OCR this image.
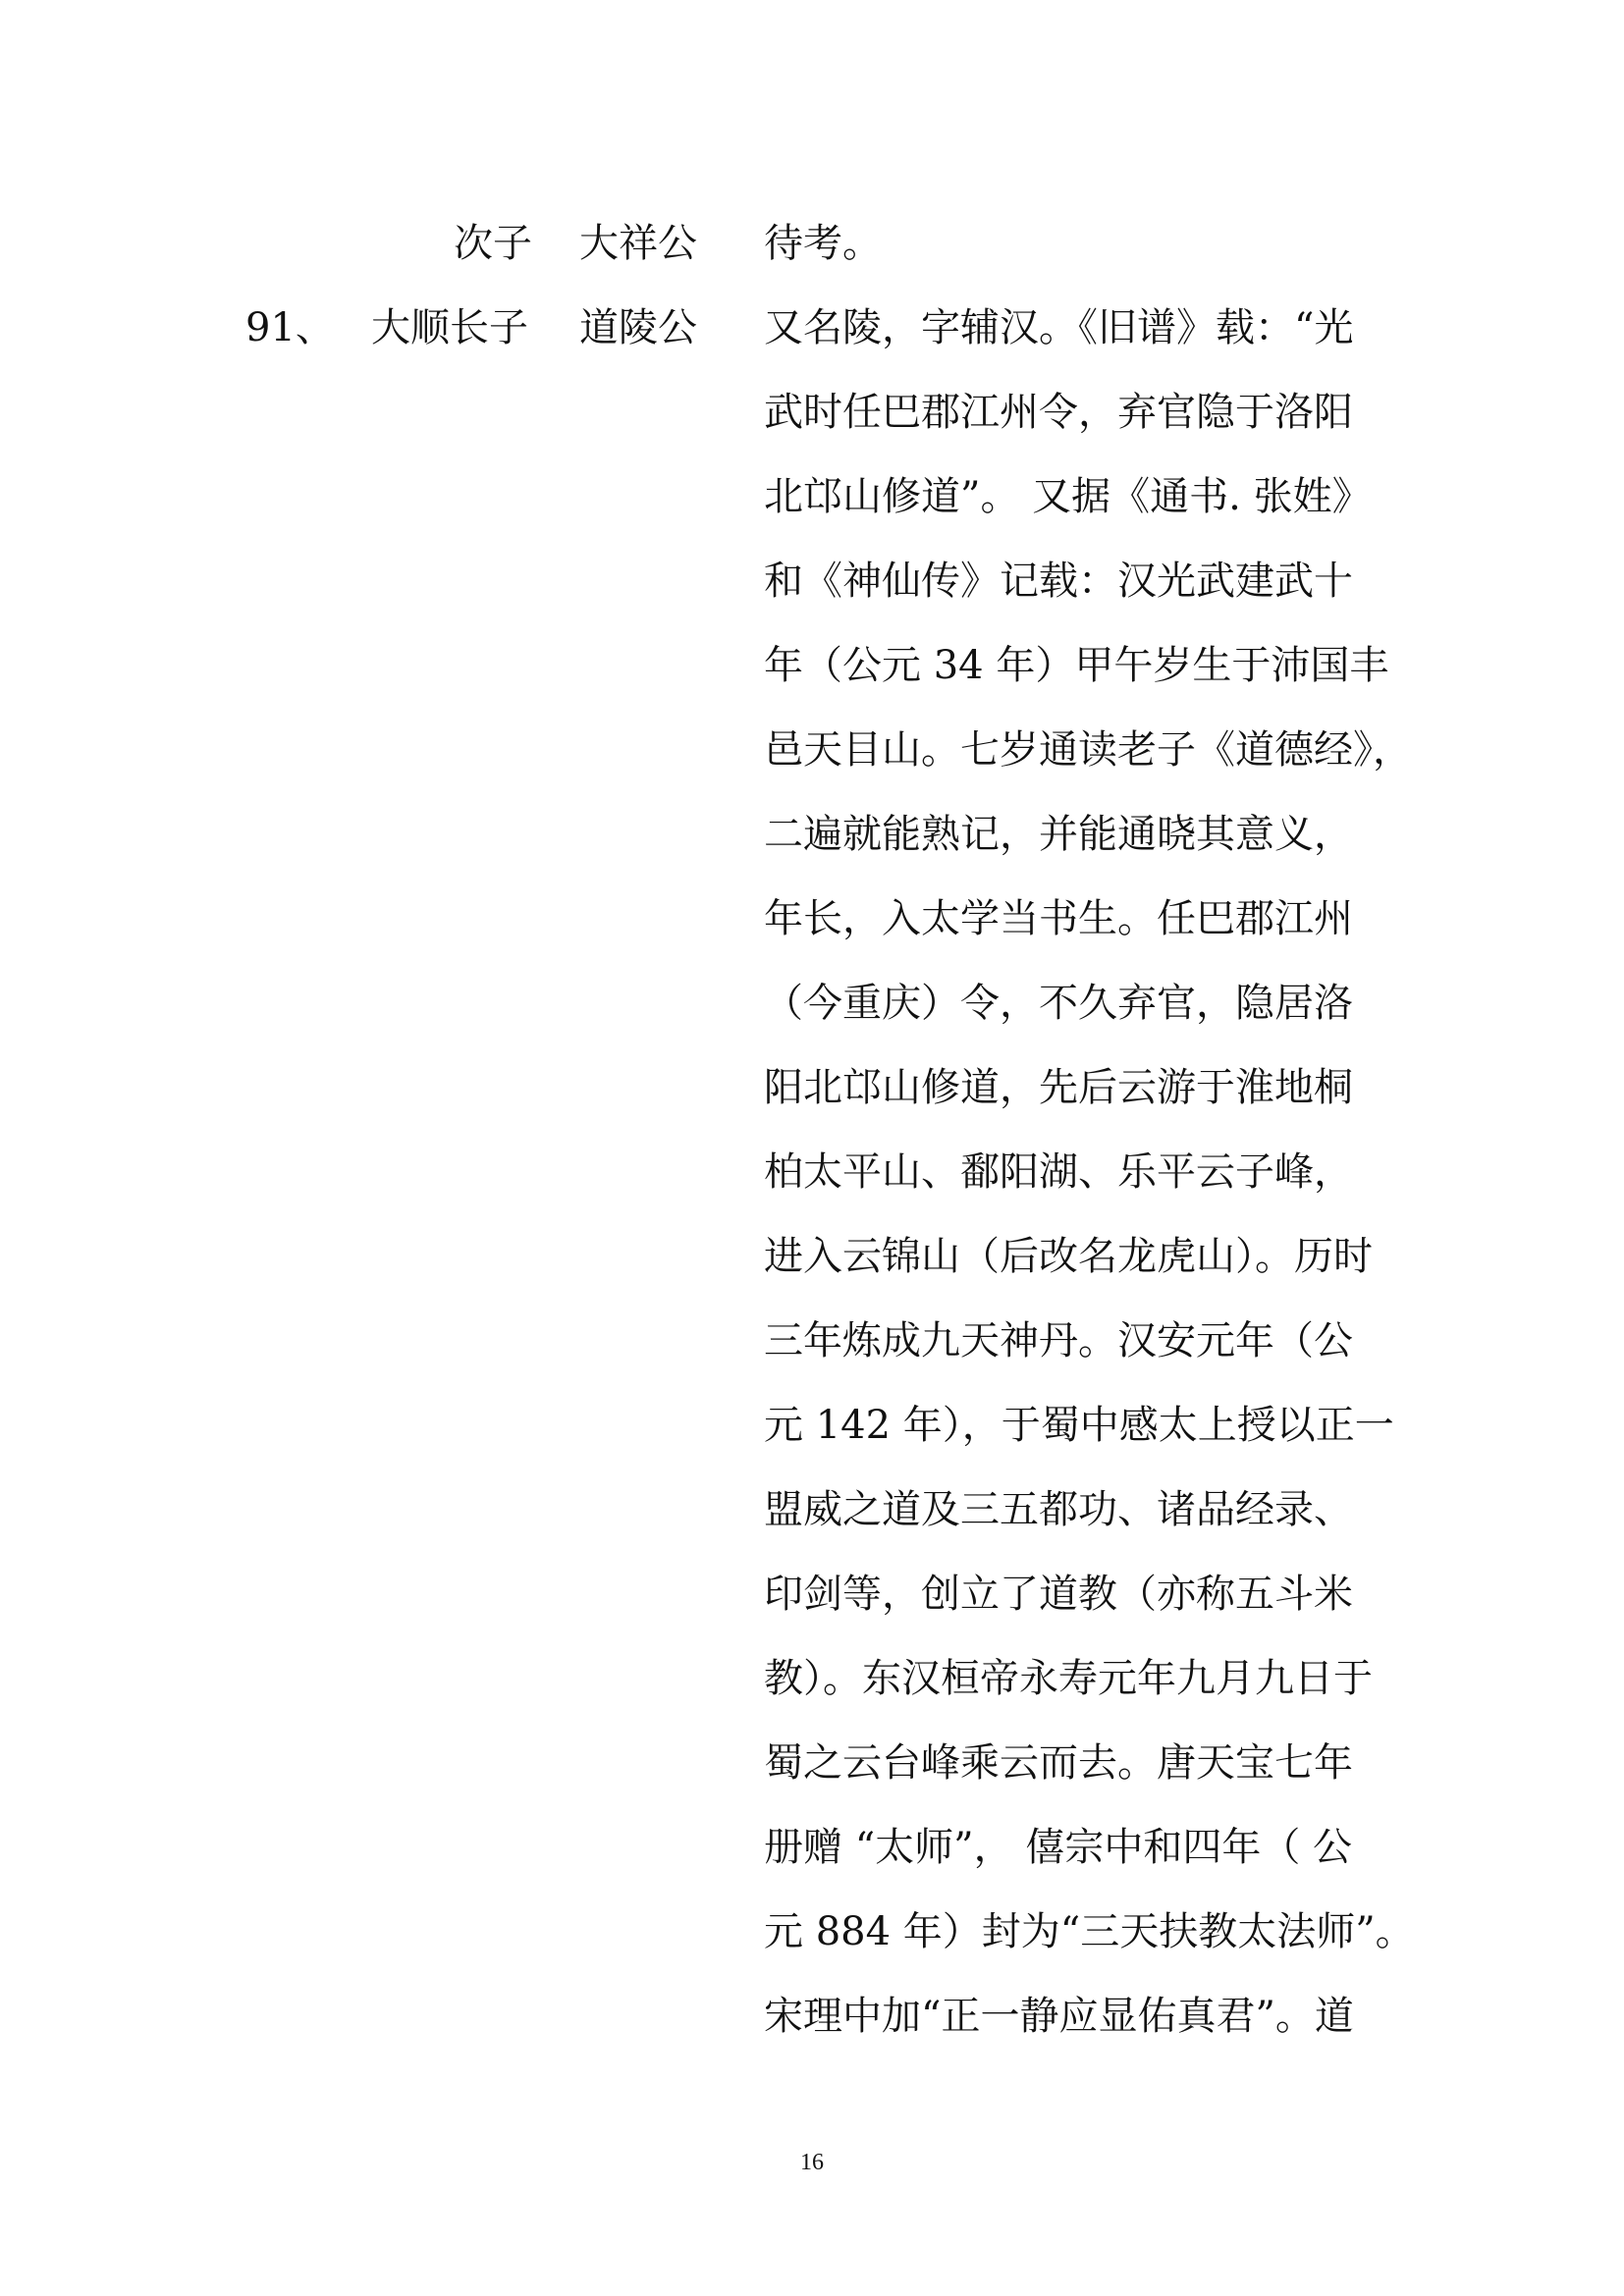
次子 大祥公 待考。
91、 大顺长子 道陵公 又名陵，字辅汉。《旧谱》载：“光
武时任巴郡江州令，弃官隐于洛阳
北邙山修道”。 又据《通书. 张姓》
和《神仙传》记载：汉光武建武十
年（公元 34 年）甲午岁生于沛国丰
邑天目山。七岁通读老子《道德经》，
二遍就能熟记，并能通晓其意义，
年长，入太学当书生。任巴郡江州
（今重庆）令，不久弃官，隐居洛
阳北邙山修道，先后云游于淮地桐
柏太平山、鄱阳湖、乐平云子峰，
进入云锦山（后改名龙虎山）。历时
三年炼成九天神丹。汉安元年（公
元 142 年），于蜀中感太上授以正一
盟威之道及三五都功、诸品经录、
印剑等，创立了道教（亦称五斗米
教）。东汉桓帝永寿元年九月九日于
蜀之云台峰乘云而去。唐天宝七年
册赠 “太师”， 僖宗中和四年（ 公
元 884 年）封为“三天扶教太法师”。
宋理中加“正一静应显佑真君”。道
16
